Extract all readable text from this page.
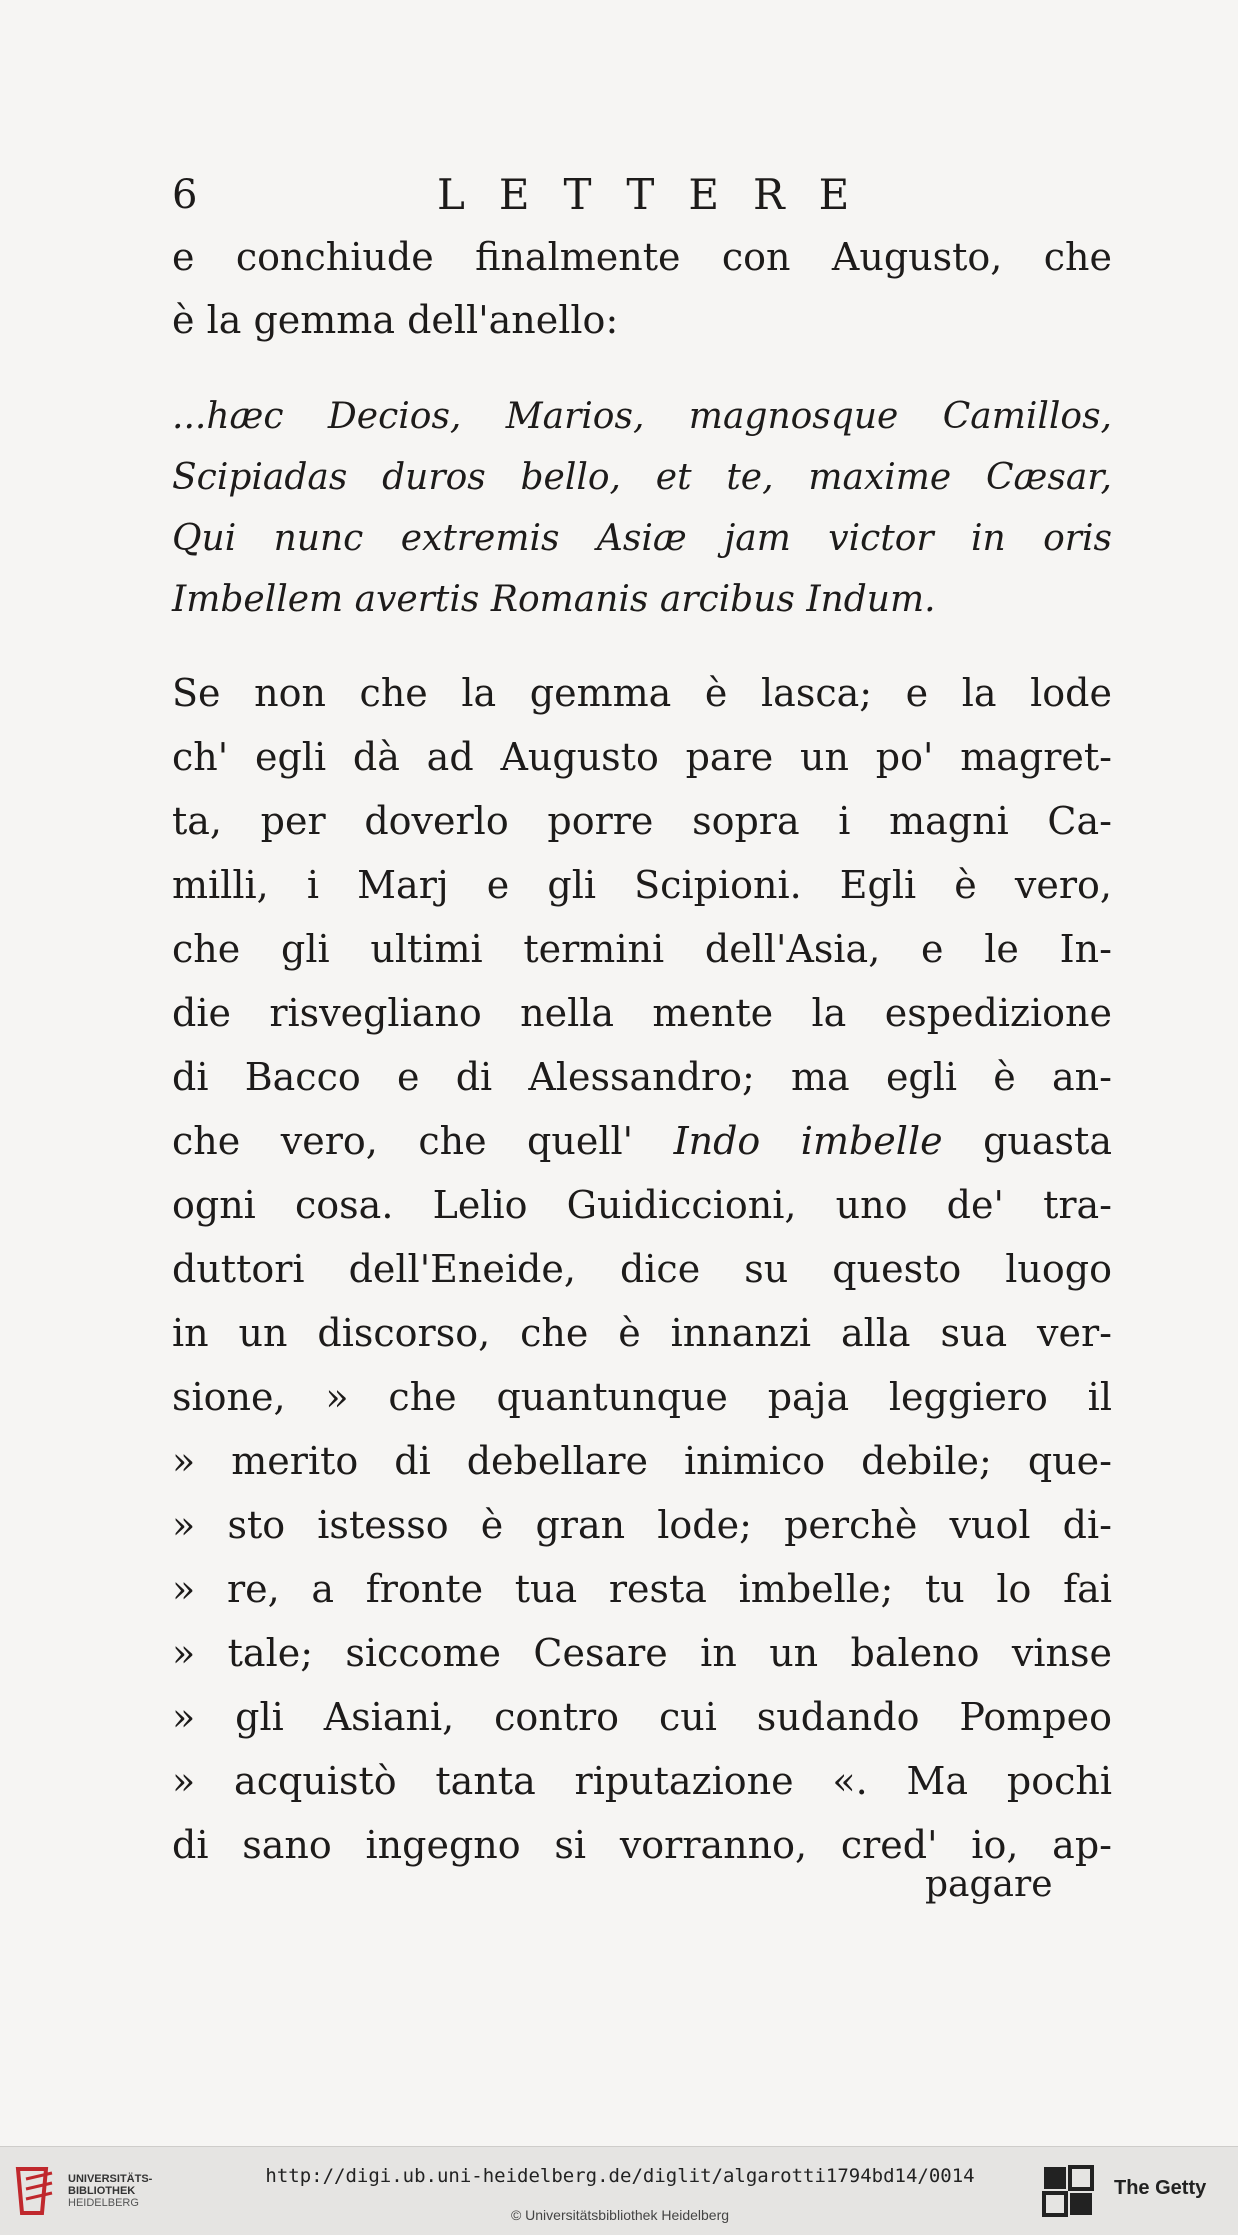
6	LETTERE
e conchiude finalmente con Augusto, che
è la gemma dell'anello:
...hæc Decios, Marios, magnosque Camillos,
Scipiadas duros bello, et te, maxime Cæsar,
Qui nunc extremis Asiæ jam victor in oris
Imbellem avertis Romanis arcibus Indum.
Se non che la gemma è lasca; e la lode
ch' egli dà ad Augusto pare un po' magret-
ta, per doverlo porre sopra i magni Ca-
milli, i Marj e gli Scipioni. Egli è vero,
che gli ultimi termini dell'Asia, e le In-
die risvegliano nella mente la espedizione
di Bacco e di Alessandro; ma egli è an-
che vero, che quell' Indo imbelle guasta
ogni cosa. Lelio Guidiccioni, uno de' tra-
duttori dell'Eneide, dice su questo luogo
in un discorso, che è innanzi alla sua ver-
sione, » che quantunque paja leggiero il
» merito di debellare inimico debile; que-
» sto istesso è gran lode; perchè vuol di-
» re, a fronte tua resta imbelle; tu lo fai
» tale; siccome Cesare in un baleno vinse
» gli Asiani, contro cui sudando Pompeo
» acquistò tanta riputazione «. Ma pochi
di sano ingegno si vorranno, cred' io, ap-
pagare
UNIVERSITÄTS-
BIBLIOTHEK
HEIDELBERG
http://digi.ub.uni-heidelberg.de/diglit/algarotti1794bd14/0014
© Universitätsbibliothek Heidelberg
The Getty
